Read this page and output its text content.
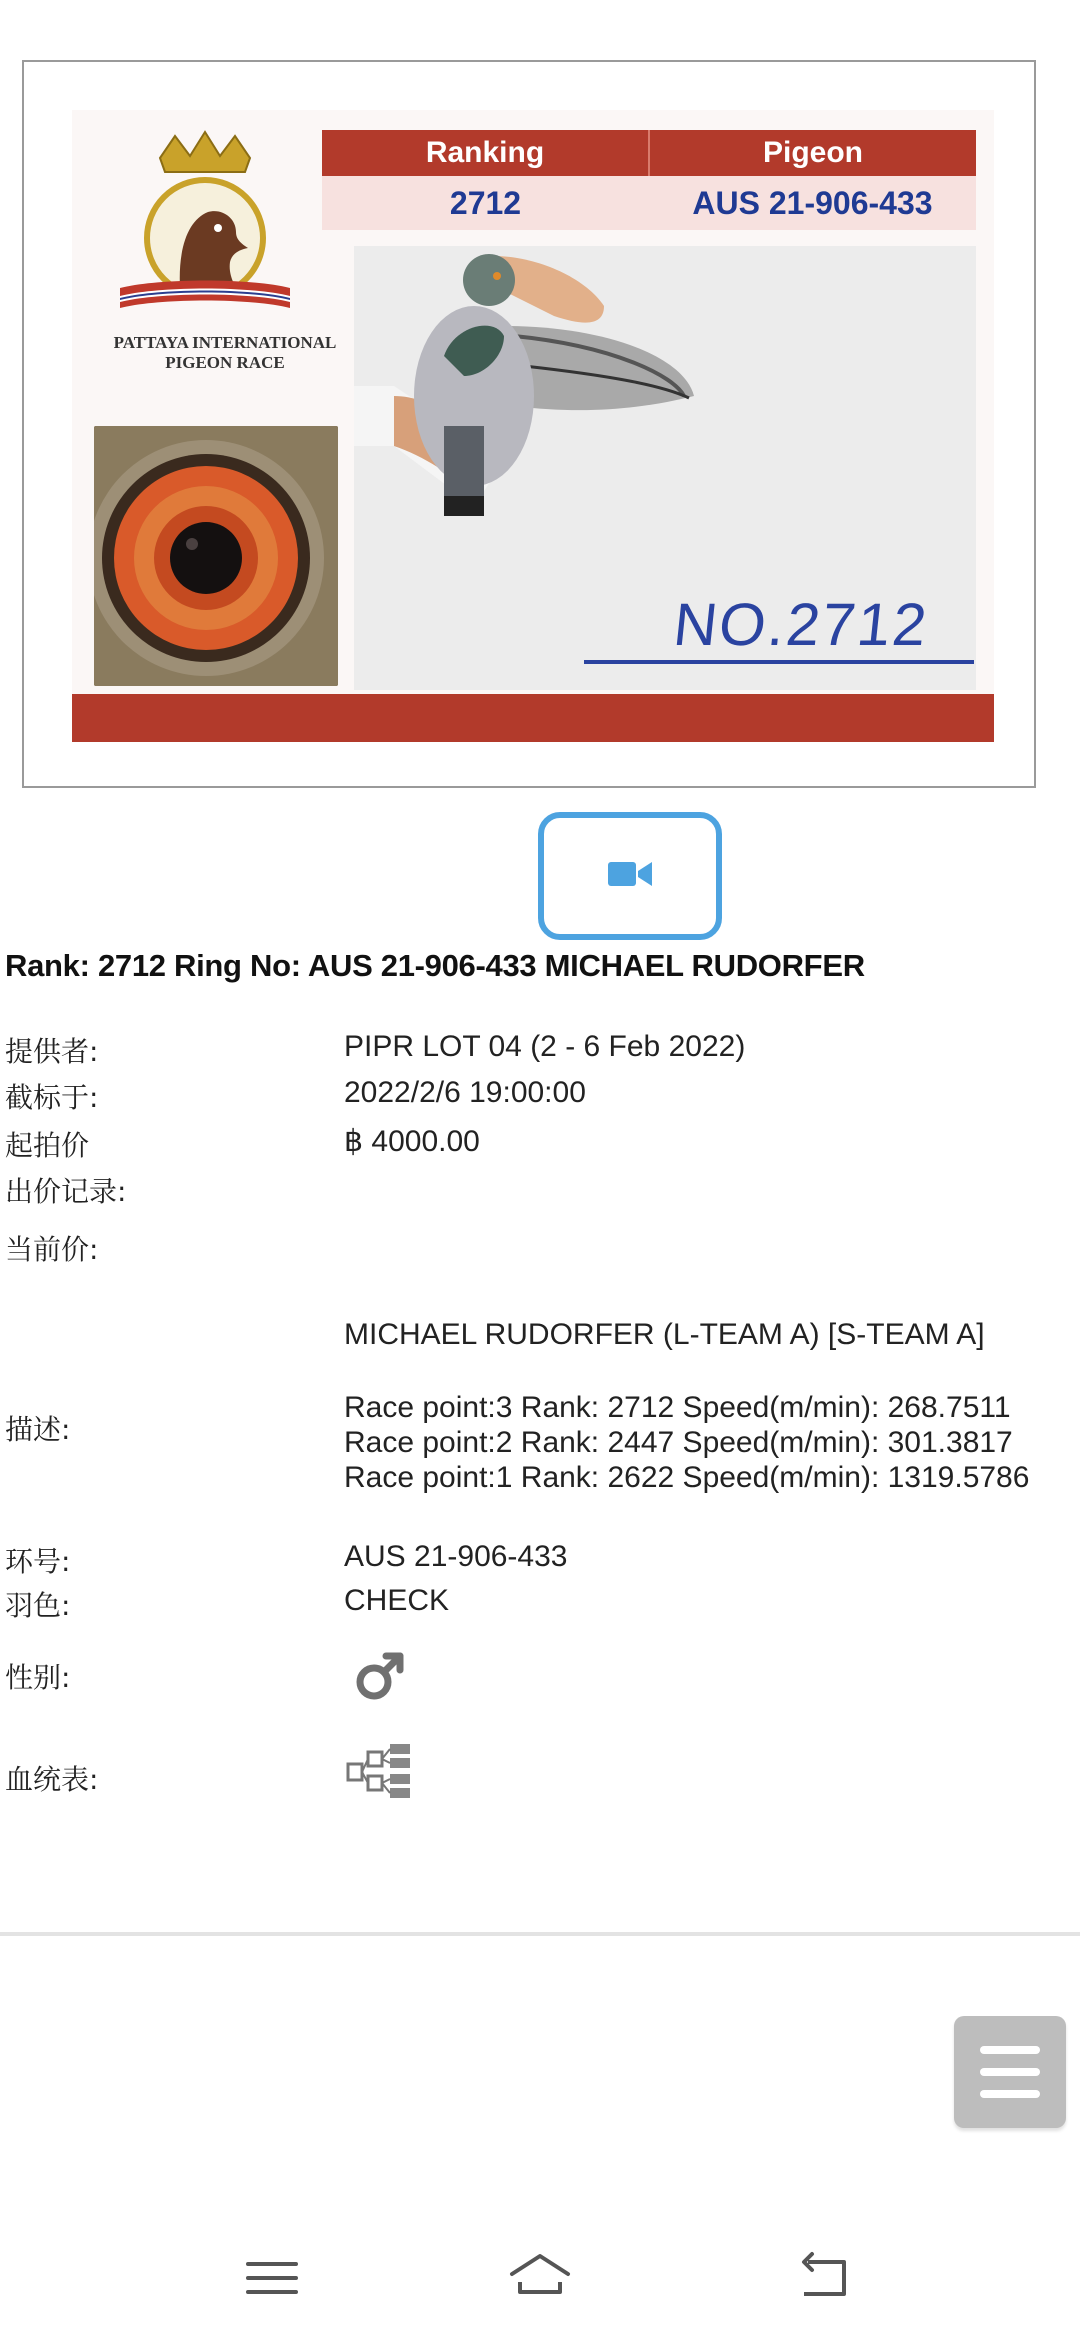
PATTAYA INTERNATIONAL
PIGEON RACE
Ranking	Pigeon
2712	AUS 21-906-433
NO.2712
Rank: 2712 Ring No: AUS 21-906-433 MICHAEL RUDORFER
提供者:	PIPR LOT 04 (2 - 6 Feb 2022)
截标于:	2022/2/6 19:00:00
起拍价	฿ 4000.00
出价记录:
当前价:
MICHAEL RUDORFER (L-TEAM A) [S-TEAM A]
描述:
Race point:3 Rank: 2712 Speed(m/min): 268.7511
Race point:2 Rank: 2447 Speed(m/min): 301.3817
Race point:1 Rank: 2622 Speed(m/min): 1319.5786
环号:	AUS 21-906-433
羽色:	CHECK
性别:
血统表:
